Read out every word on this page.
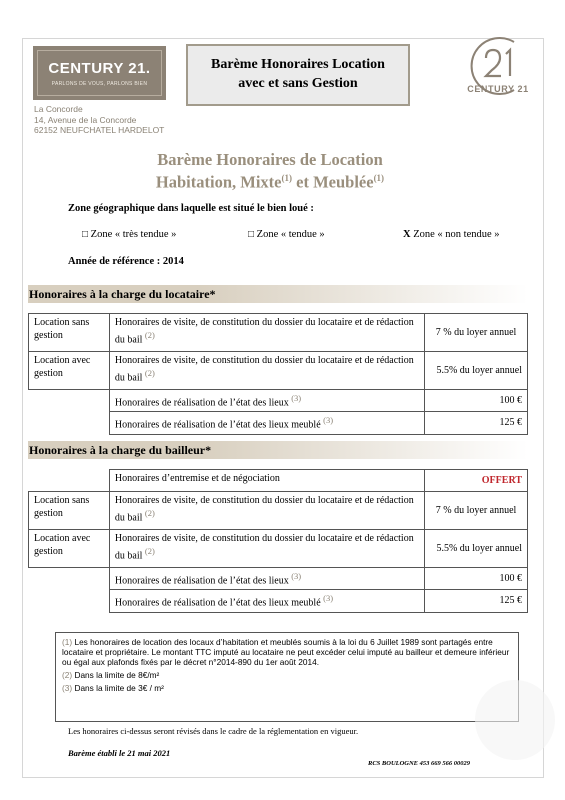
CENTURY 21.
PARLONS DE VOUS, PARLONS BIEN
Barème Honoraires Location
avec et sans Gestion	CENTURY 21
La Concorde
14, Avenue de la Concorde
62152 NEUFCHATEL HARDELOT
Barème Honoraires de Location
Habitation, Mixte$^{(1)}$ et Meublée$^{(1)}$
Zone géographique dans laquelle est situé le bien loué :
□ Zone « très tendue »	□ Zone « tendue »	X Zone « non tendue »
Année de référence : 2014
Honoraires à la charge du locataire*
Location sans gestion	Honoraires de visite, de constitution du dossier du locataire et de rédaction du bail $^{(2)}$	7 % du loyer annuel
Location avec gestion	Honoraires de visite, de constitution du dossier du locataire et de rédaction du bail $^{(2)}$	5.5% du loyer annuel
	Honoraires de réalisation de l’état des lieux $^{(3)}$	100 €
	Honoraires de réalisation de l’état des lieux meublé $^{(3)}$	125 €
Honoraires à la charge du bailleur*
	Honoraires d’entremise et de négociation	OFFERT
Location sans gestion	Honoraires de visite, de constitution du dossier du locataire et de rédaction du bail $^{(2)}$	7 % du loyer annuel
Location avec gestion	Honoraires de visite, de constitution du dossier du locataire et de rédaction du bail $^{(2)}$	5.5% du loyer annuel
	Honoraires de réalisation de l’état des lieux $^{(3)}$	100 €
	Honoraires de réalisation de l’état des lieux meublé $^{(3)}$	125 €
(1) Les honoraires de location des locaux d’habitation et meublés soumis à la loi du 6 Juillet 1989 sont partagés entre locataire et propriétaire. Le montant TTC imputé au locataire ne peut excéder celui imputé au bailleur et demeure inférieur ou égal aux plafonds fixés par le décret n°2014-890 du 1er août 2014.
(2) Dans la limite de 8€/m²
(3) Dans la limite de 3€ / m²
Les honoraires ci-dessus seront révisés dans le cadre de la réglementation en vigueur.
Barème établi le 21 mai 2021
RCS BOULOGNE 453 669 566 00029
